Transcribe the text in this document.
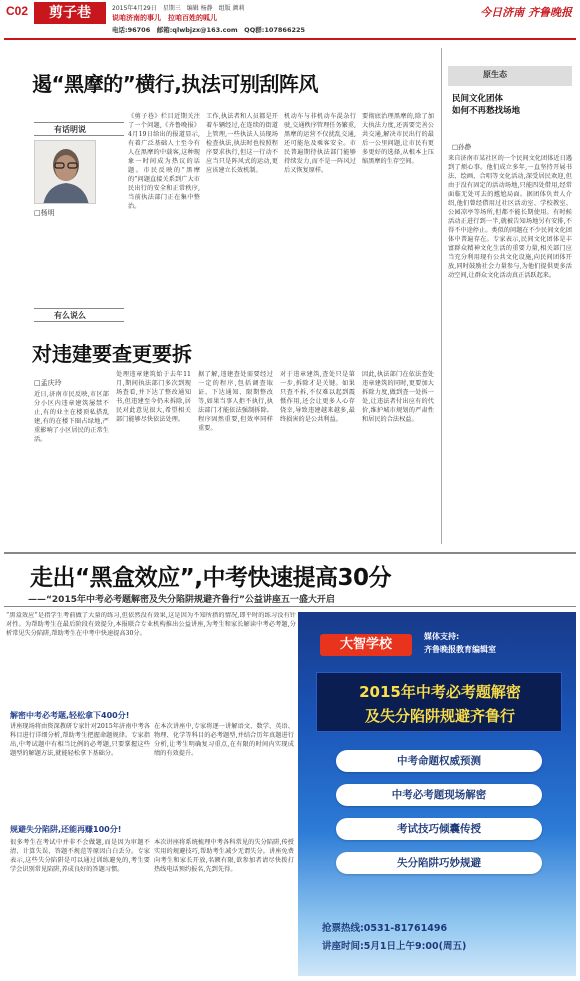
C02	剪子巷	2015年4月29日　星期三　编辑 杨静　组版 颜莉
说咱济南的事儿　拉咱百姓的呱儿
电话:96706　邮箱:qlwbjzx@163.com　QQ群:107866225
今日济南 齐鲁晚报
遏“黑摩的”横行,执法可别刮阵风
有话明说
□杨明
《剪子巷》栏目近期关注了一个问题,《齐鲁晚报》4月19日给出的报道显示,有着广泛基础人士至今有人在黑摩的中载客,这种现象一时间成为热议的话题。市民反映的“黑摩的”问题直接关系到广大市民出行的安全和正常秩序,当前执法部门正在集中整治。
工作,执法者和人员都是开着车辆经过,在连续的街道上管理,一些执法人员现场检查执法,执法时也按照程序要求执行,但这一行动不应当只是阵风式的运动,更应该建立长效机制。
机动车与非机动车混杂行驶,交通秩序管理任务繁重,黑摩的运营不仅扰乱交通,还可能危及乘客安全。市民普遍期待执法部门能够持续发力,而不是一阵风过后又恢复原样。
要彻底治理黑摩的,除了加大执法力度,还需要完善公共交通,解决市民出行的最后一公里问题,让市民有更多更好的选择,从根本上压缩黑摩的生存空间。
有么说么
对违建要查更要拆
□孟庆玲
近日,济南市民反映,市区部分小区内违章建筑屡禁不止,有的业主在楼顶私搭乱建,有的在楼下圈占绿地,严重影响了小区居民的正常生活。
处理违章建筑始于去年11月,期间执法部门多次到现场查看,并下达了整改通知书,但违建至今仍未拆除,居民对此意见很大,希望相关部门能够尽快依法处理。
据了解,违建查处需要经过一定的程序,包括调查取证、下达通知、限期整改等,如果当事人拒不执行,执法部门才能依法强制拆除。程序固然重要,但效率同样重要。
对于违章建筑,查处只是第一步,拆除才是关键。如果只查不拆,不仅难以起到震慑作用,还会让更多人心存侥幸,导致违建越来越多,最终损害的是公共利益。
因此,执法部门在依法查处违章建筑的同时,更要加大拆除力度,做到查一处拆一处,让违法者付出应有的代价,维护城市规划的严肃性和居民的合法权益。
原生态
民间文化团体
如何不再愁找场地
□孙静
来自济南市某社区的一个民间文化团体近日遇到了烦心事。他们成立多年,一直坚持开展书法、绘画、合唱等文化活动,深受居民欢迎,但由于没有固定的活动场地,只能四处借用,经常面临无处可去的尴尬局面。据团体负责人介绍,他们曾经借用过社区活动室、学校教室、公园凉亭等场所,但都不能长期使用。有时候活动正进行到一半,就被告知场地另有安排,不得不中途停止。类似的问题在不少民间文化团体中普遍存在。专家表示,民间文化团体是丰富群众精神文化生活的重要力量,相关部门应当充分利用现有公共文化设施,向民间团体开放,同时鼓励社会力量参与,为他们提供更多活动空间,让群众文化活动真正活跃起来。
走出“黑盒效应”,中考快速提高30分
——“2015年中考必考题解密及失分陷阱规避齐鲁行”公益讲座五一盛大开启
“黑盒效应”是指学生考前做了大量的练习,但依然没有效果,这是因为不知所措的情况,即平时的练习没有针对性。为帮助考生在最后阶段有效提分,本报联合专业机构推出公益讲座,为考生和家长解读中考必考题,分析常见失分陷阱,帮助考生在中考中快速提高30分。
解密中考必考题,轻松拿下400分!
讲座现场将由资深教研专家针对2015年济南中考各科目进行详细分析,帮助考生把握命题规律。专家指出,中考试题中有相当比例的必考题,只要掌握这些题型的解题方法,就能轻松拿下基础分。
在本次讲座中,专家将逐一讲解语文、数学、英语、物理、化学等科目的必考题型,并结合历年真题进行分析,让考生明确复习重点,在有限的时间内实现成绩的有效提升。
规避失分陷阱,还能再赚100分!
很多考生在考试中并非不会做题,而是因为审题不清、计算失误、答题不规范等原因白白丢分。专家表示,这些失分陷阱是可以通过训练避免的,考生要学会识别常见陷阱,养成良好的答题习惯。
本次讲座将系统梳理中考各科常见的失分陷阱,传授实用的规避技巧,帮助考生减少无谓失分。讲座免费向考生和家长开放,名额有限,欲参加者请尽快拨打热线电话预约报名,先到先得。
大智学校
媒体支持:
齐鲁晚报教育编辑室
2015年中考必考题解密
及失分陷阱规避齐鲁行
中考命题权威预测
中考必考题现场解密
考试技巧倾囊传授
失分陷阱巧妙规避
抢票热线:0531-81761496
讲座时间:5月1日上午9:00(周五)
